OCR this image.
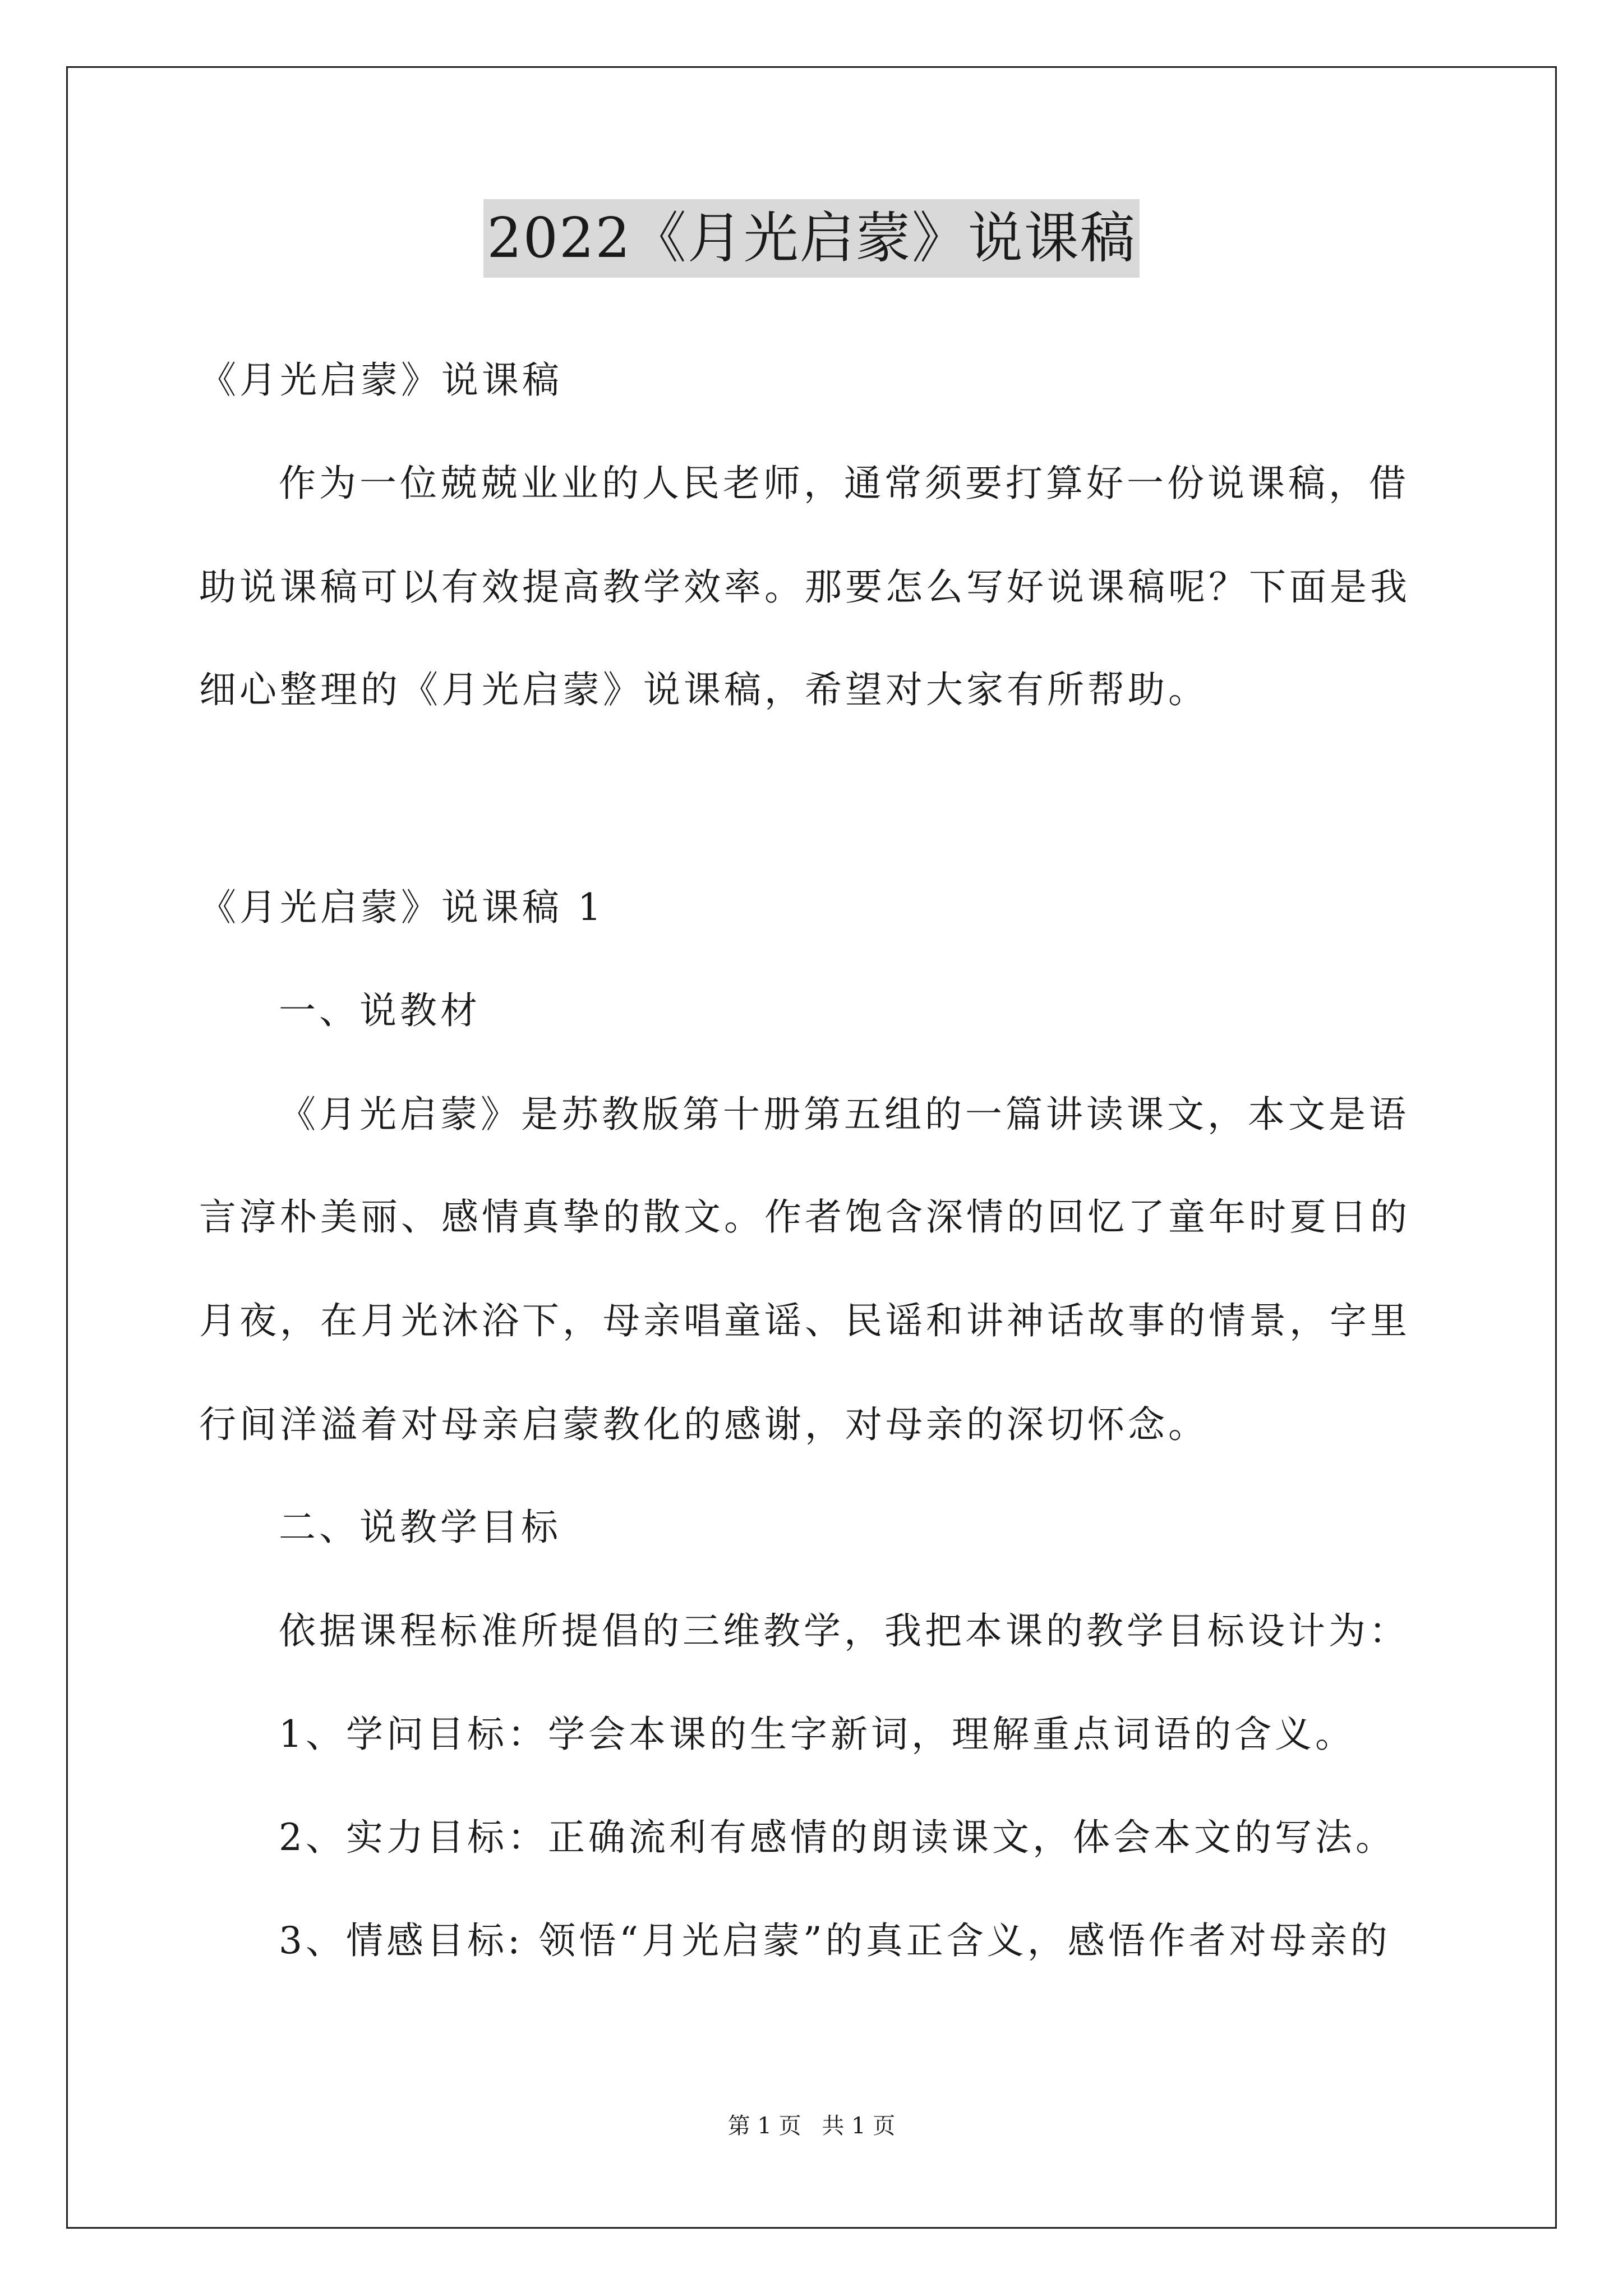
2022《月光启蒙》说课稿
《月光启蒙》说课稿
作为一位兢兢业业的人民老师，通常须要打算好一份说课稿，借
助说课稿可以有效提高教学效率。那要怎么写好说课稿呢？下面是我
细心整理的《月光启蒙》说课稿，希望对大家有所帮助。
《月光启蒙》说课稿 1
一、说教材
《月光启蒙》是苏教版第十册第五组的一篇讲读课文，本文是语
言淳朴美丽、感情真挚的散文。作者饱含深情的回忆了童年时夏日的
月夜，在月光沐浴下，母亲唱童谣、民谣和讲神话故事的情景，字里
行间洋溢着对母亲启蒙教化的感谢，对母亲的深切怀念。
二、说教学目标
依据课程标准所提倡的三维教学，我把本课的教学目标设计为：
1、学问目标：学会本课的生字新词，理解重点词语的含义。
2、实力目标：正确流利有感情的朗读课文，体会本文的写法。
3、情感目标: 领悟“月光启蒙”的真正含义，感悟作者对母亲的
第 1 页 共 1 页
